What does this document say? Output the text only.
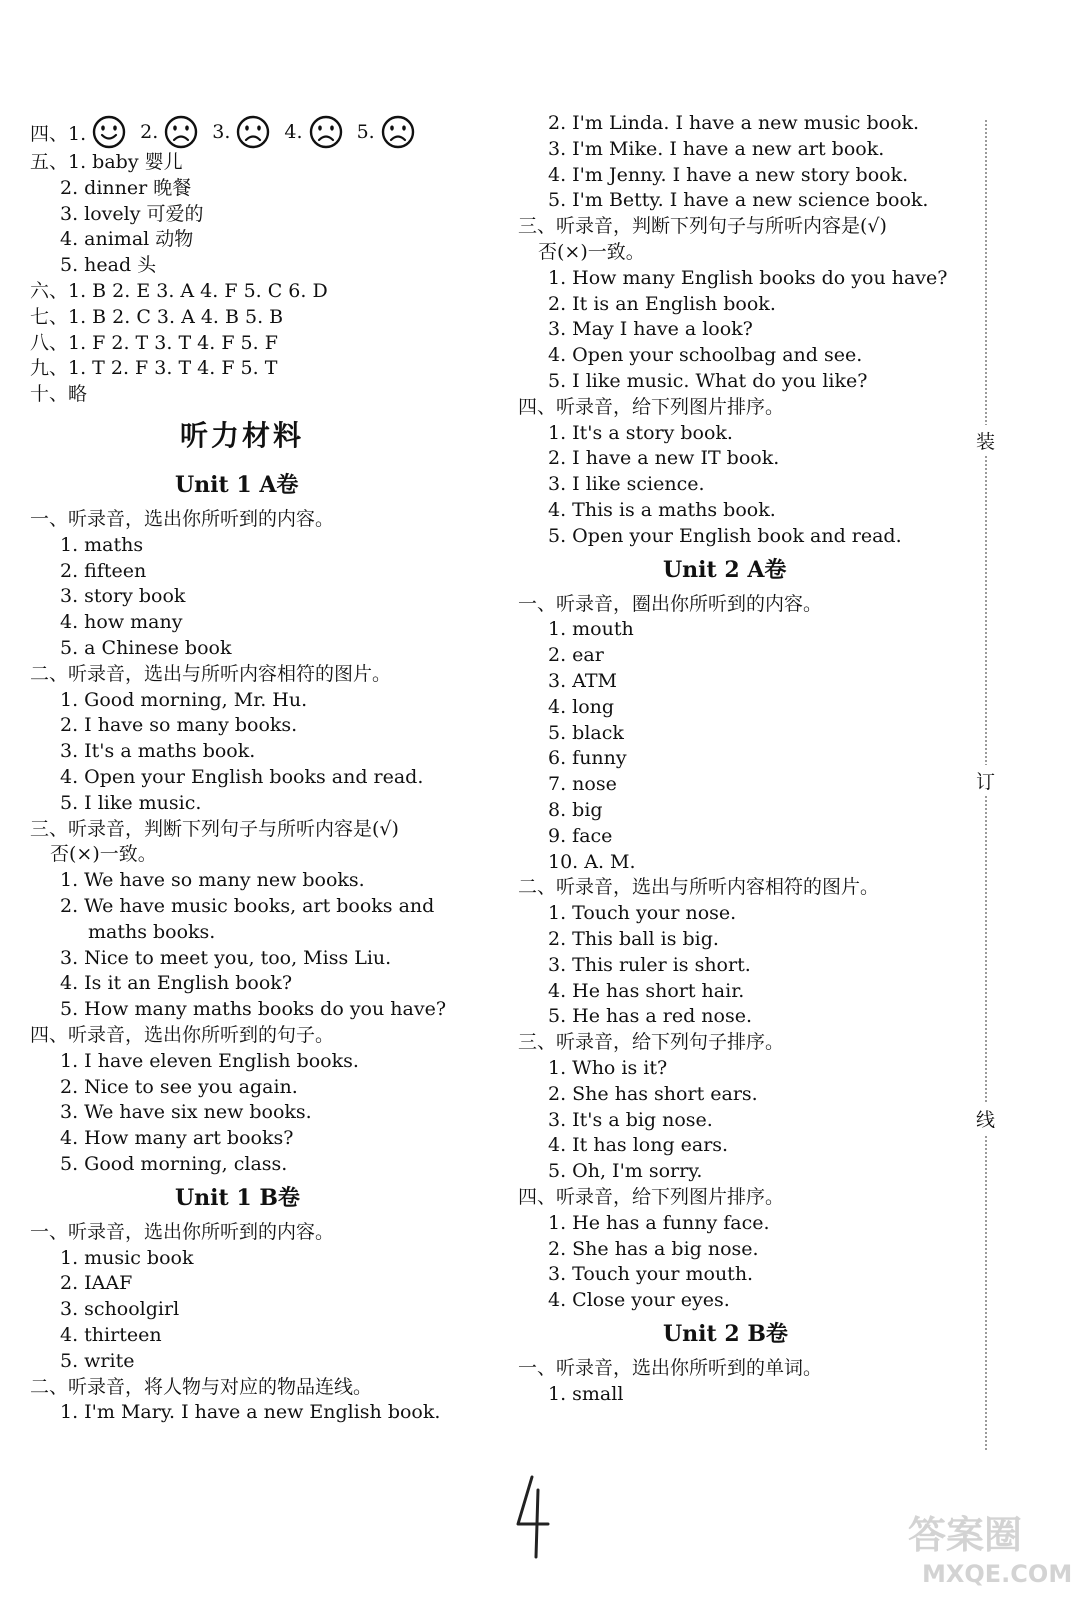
四、1.	2.	3.	4.	5.
五、1. baby 婴儿
2. dinner 晚餐
3. lovely 可爱的
4. animal 动物
5. head 头
六、1. B 2. E 3. A 4. F 5. C 6. D
七、1. B 2. C 3. A 4. B 5. B
八、1. F 2. T 3. T 4. F 5. F
九、1. T 2. F 3. T 4. F 5. T
十、略
听力材料
Unit 1 A卷
一、听录音，选出你所听到的内容。
1. maths
2. fifteen
3. story book
4. how many
5. a Chinese book
二、听录音，选出与所听内容相符的图片。
1. Good morning, Mr. Hu.
2. I have so many books.
3. It's a maths book.
4. Open your English books and read.
5. I like music.
三、听录音，判断下列句子与所听内容是(√)
否(×)一致。
1. We have so many new books.
2. We have music books, art books and
maths books.
3. Nice to meet you, too, Miss Liu.
4. Is it an English book?
5. How many maths books do you have?
四、听录音，选出你所听到的句子。
1. I have eleven English books.
2. Nice to see you again.
3. We have six new books.
4. How many art books?
5. Good morning, class.
Unit 1 B卷
一、听录音，选出你所听到的内容。
1. music book
2. IAAF
3. schoolgirl
4. thirteen
5. write
二、听录音，将人物与对应的物品连线。
1. I'm Mary. I have a new English book.
2. I'm Linda. I have a new music book.
3. I'm Mike. I have a new art book.
4. I'm Jenny. I have a new story book.
5. I'm Betty. I have a new science book.
三、听录音，判断下列句子与所听内容是(√)
否(×)一致。
1. How many English books do you have?
2. It is an English book.
3. May I have a look?
4. Open your schoolbag and see.
5. I like music. What do you like?
四、听录音，给下列图片排序。
1. It's a story book.
2. I have a new IT book.
3. I like science.
4. This is a maths book.
5. Open your English book and read.
Unit 2 A卷
一、听录音，圈出你所听到的内容。
1. mouth
2. ear
3. ATM
4. long
5. black
6. funny
7. nose
8. big
9. face
10. A. M.
二、听录音，选出与所听内容相符的图片。
1. Touch your nose.
2. This ball is big.
3. This ruler is short.
4. He has short hair.
5. He has a red nose.
三、听录音，给下列句子排序。
1. Who is it?
2. She has short ears.
3. It's a big nose.
4. It has long ears.
5. Oh, I'm sorry.
四、听录音，给下列图片排序。
1. He has a funny face.
2. She has a big nose.
3. Touch your mouth.
4. Close your eyes.
Unit 2 B卷
一、听录音，选出你所听到的单词。
1. small
装
订
线
答案圈
MXQE.COM
